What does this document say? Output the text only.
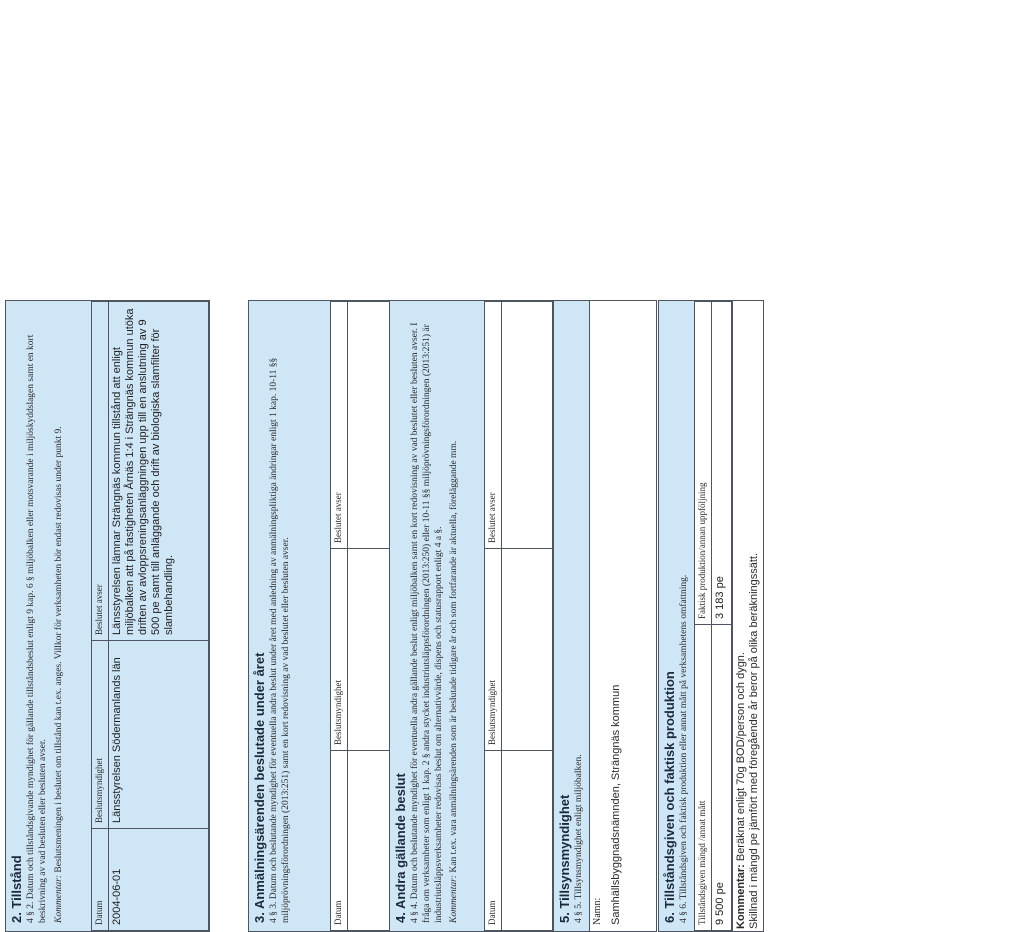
2. Tillstånd 4 § 2. Datum och tillståndsgivande myndighet för gällande tillståndsbeslut enligt 9 kap. 6 § miljöbalken eller motsvarande i miljöskyddslagen samt en kort beskrivning av vad besluten eller besluten avser. Kommentar: Beslutsmeningen i beslutet om tillstånd kan t.ex. anges. Villkor för verksamheten bör endast redovisas under punkt 9.
Datum	Beslutsmyndighet	Beslutet avser
2004-06-01	Länsstyrelsen Södermanlands län	Länsstyrelsen lämnar Strängnäs kommun tillstånd att enligt miljöbalken att på fastigheten Årnäs 1:4 i Strängnäs kommun utöka driften av avloppsreningsanläggningen upp till en anslutning av 9 500 pe samt till anläggande och drift av biologiska slamfilter för slambehandling.
3. Anmälningsärenden beslutade under året 4 § 3. Datum och beslutande myndighet för eventuella andra beslut under året med anledning av anmälningspliktiga ändringar enligt 1 kap. 10-11 §§ miljöprövningsförordningen (2013:251) samt en kort redovisning av vad beslutet eller besluten avser.	Datum	Beslutsmyndighet	Beslutet avser

4. Andra gällande beslut 4 § 4. Datum och beslutande myndighet för eventuella andra gällande beslut enligt miljöbalken samt en kort redovisning av vad beslutet eller besluten avser. I fråga om verksamheter som enligt 1 kap. 2 § andra stycket industriutsläppsförordningen (2013:250) eller 10-11 §§ miljöprövningsförordningen (2013:251) är industriutsläppsverksamheter redovisas beslut om alternativvärde, dispens och statusrapport enligt 4 a §. Kommentar: Kan t.ex. vara anmälningsärenden som är beslutade tidigare år och som fortfarande är aktuella, föreläggande mm.
Datum	Beslutsmyndighet	Beslutet avser

5. Tillsynsmyndighet 4 § 5. Tillsynsmyndighet enligt miljöbalken. Namn: Samhällsbyggnadsnämnden, Strängnäs kommun	6. Tillståndsgiven och faktisk produktion 4 § 6. Tillståndsgiven och faktisk produktion eller annat mått på verksamhetens omfattning. Tillståndsgiven mängd /annat mått	Faktisk produktion/annan uppföljning
9 500 pe	3 183 pe
Kommentar: Beräknat enligt 70g BOD/person och dygn. Skillnad i mängd pe jämfört med föregående år beror på olika beräkningssätt.
